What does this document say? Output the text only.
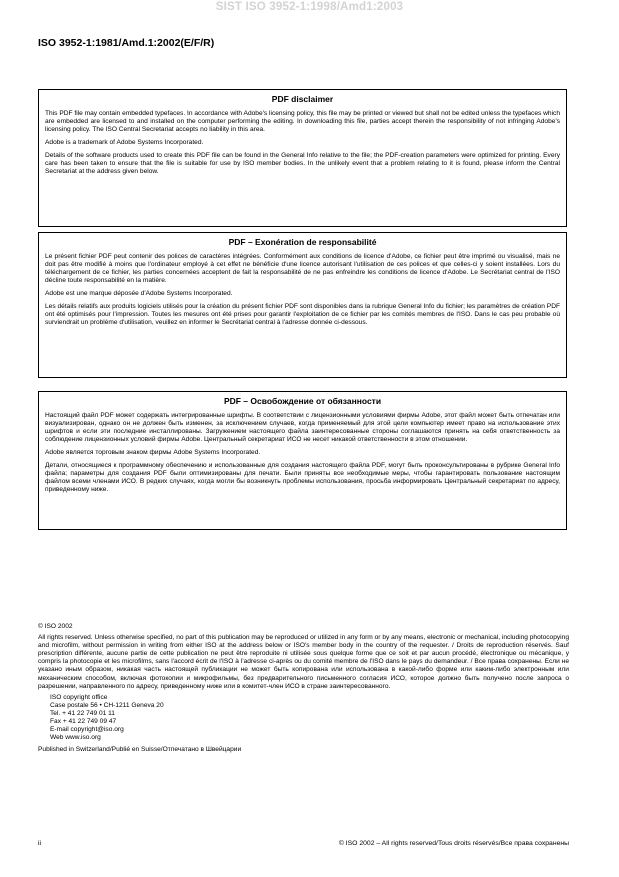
SIST ISO 3952-1:1998/Amd1:2003
ISO 3952-1:1981/Amd.1:2002(E/F/R)
PDF disclaimer

This PDF file may contain embedded typefaces. In accordance with Adobe's licensing policy, this file may be printed or viewed but shall not be edited unless the typefaces which are embedded are licensed to and installed on the computer performing the editing. In downloading this file, parties accept therein the responsibility of not infringing Adobe's licensing policy. The ISO Central Secretariat accepts no liability in this area.

Adobe is a trademark of Adobe Systems Incorporated.

Details of the software products used to create this PDF file can be found in the General Info relative to the file; the PDF-creation parameters were optimized for printing. Every care has been taken to ensure that the file is suitable for use by ISO member bodies. In the unlikely event that a problem relating to it is found, please inform the Central Secretariat at the address given below.

PDF – Exonération de responsabilité

Le présent fichier PDF peut contenir des polices de caractères intégrées. Conformément aux conditions de licence d'Adobe, ce fichier peut être imprimé ou visualisé, mais ne doit pas être modifié à moins que l'ordinateur employé à cet effet ne bénéficie d'une licence autorisant l'utilisation de ces polices et que celles-ci y soient installées. Lors du téléchargement de ce fichier, les parties concernées acceptent de fait la responsabilité de ne pas enfreindre les conditions de licence d'Adobe. Le Secrétariat central de l'ISO décline toute responsabilité en la matière.

Adobe est une marque déposée d'Adobe Systems Incorporated.

Les détails relatifs aux produits logiciels utilisés pour la création du présent fichier PDF sont disponibles dans la rubrique General Info du fichier; les paramètres de création PDF ont été optimisés pour l'impression. Toutes les mesures ont été prises pour garantir l'exploitation de ce fichier par les comités membres de l'ISO. Dans le cas peu probable où surviendrait un problème d'utilisation, veuillez en informer le Secrétariat central à l'adresse donnée ci-dessous.

PDF – Освобождение от обязанности

Настоящий файл PDF может содержать интегрированные шрифты. В соответствии с лицензионными условиями фирмы Adobe, этот файл может быть отпечатан или визуализирован, однако он не должен быть изменен, за исключением случаев, когда применяемый для этой цели компьютер имеет право на использование этих шрифтов и если эти последние инсталлированы. Загружением настоящего файла заинтересованные стороны соглашаются принять на себя ответственность за соблюдение лицензионных условий фирмы Adobe. Центральный секретариат ИСО не несет никакой ответственности в этом отношении.

Adobe является торговым знаком фирмы Adobe Systems Incorporated.

Детали, относящиеся к программному обеспечению и использованные для создания настоящего файла PDF, могут быть проконсультированы в рубрике General Info файла; параметры для создания PDF были оптимизированы для печати. Были приняты все необходимые меры, чтобы гарантировать пользование настоящим файлом всеми членами ИСО. В редких случаях, когда могли бы возникнуть проблемы использования, просьба информировать Центральный секретариат по адресу, приведенному ниже.

© ISO 2002

All rights reserved. Unless otherwise specified, no part of this publication may be reproduced or utilized in any form or by any means, electronic or mechanical, including photocopying and microfilm, without permission in writing from either ISO at the address below or ISO's member body in the country of the requester. / Droits de reproduction réservés. Sauf prescription différente, aucune partie de cette publication ne peut être reproduite ni utilisée sous quelque forme que ce soit et par aucun procédé, électronique ou mécanique, y compris la photocopie et les microfilms, sans l'accord écrit de l'ISO à l'adresse ci-après ou du comité membre de l'ISO dans le pays du demandeur. / Все права сохранены. Если не указано иным образом, никакая часть настоящей публикации не может быть копирована или использована в какой-либо форме или каким-либо электронным или механическим способом, включая фотокопии и микрофильмы, без предварительного письменного согласия ИСО, которое должно быть получено после запроса о разрешении, направленного по адресу, приведенному ниже или в комитет-член ИСО в стране заинтересованного.

ISO copyright office
Case postale 56 • CH-1211 Geneva 20
Tel. + 41 22 749 01 11
Fax + 41 22 749 09 47
E-mail copyright@iso.org
Web www.iso.org

Published in Switzerland/Publié en Suisse/Отпечатано в Швейцарии

ii	© ISO 2002 – All rights reserved/Tous droits réservés/Все права сохранены
